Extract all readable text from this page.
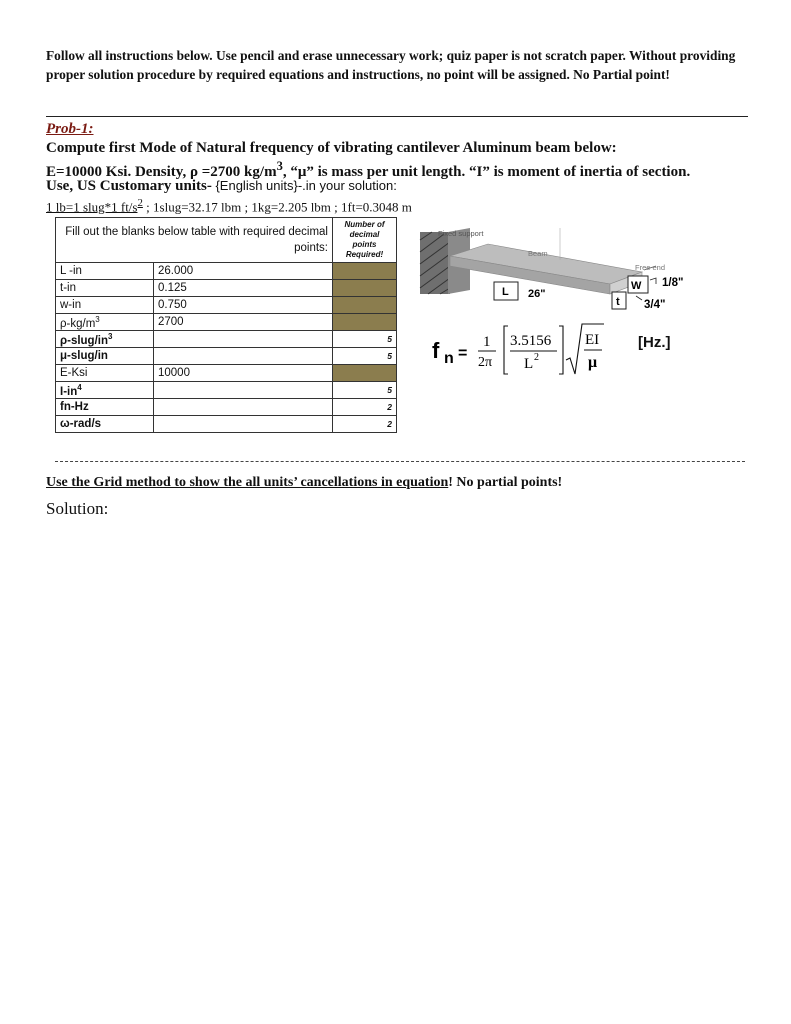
Follow all instructions below. Use pencil and erase unnecessary work; quiz paper is not scratch paper. Without providing proper solution procedure by required equations and instructions, no point will be assigned. No Partial point!
Prob-1:
Compute first Mode of Natural frequency of vibrating cantilever Aluminum beam below:
E=10000 Ksi. Density, ρ =2700 $kg/m^3$, “μ” is mass per unit length. “I” is moment of inertia of section.
Use, US Customary units- {English units}-.in your solution:
1 lb=1 slug*1 $ft/s^2$ ; 1slug=32.17 lbm ; 1kg=2.205 lbm ; 1ft=0.3048 m
Fill out the blanks below table with required decimal points:		Number of decimal points Required!
L -in	26.000	
t-in	0.125	
w-in	0.750	
$\rho-kg/m^3$	2700	
$\rho-slug/in^3$		5
μ-slug/in		5
E-Ksi	10000	
$I-in^4$		5
fn-Hz		2
ω-rad/s		2
Fixed support
Beam
Free end
L 26"
W
t
1/8"
3/4"
f n =
1
2π
3.5156
L 2
EI
μ
[Hz.]
Use the Grid method to show the all units’ cancellations in equation! No partial points!
Solution:
